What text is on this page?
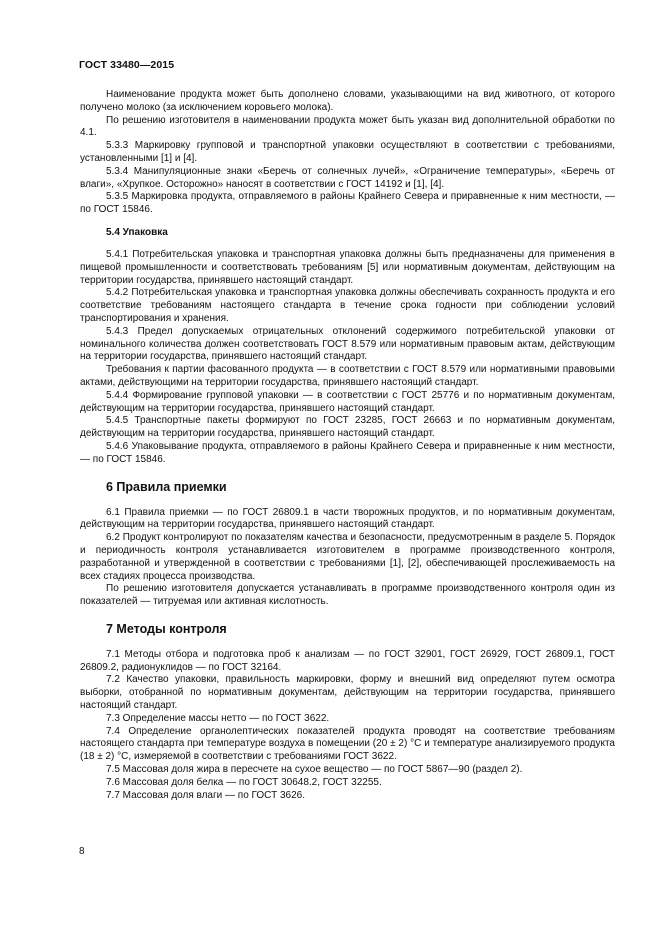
ГОСТ 33480—2015
Наименование продукта может быть дополнено словами, указывающими на вид животного, от которого получено молоко (за исключением коровьего молока).
По решению изготовителя в наименовании продукта может быть указан вид дополнительной обработки по 4.1.
5.3.3 Маркировку групповой и транспортной упаковки осуществляют в соответствии с требованиями, установленными [1] и [4].
5.3.4 Манипуляционные знаки «Беречь от солнечных лучей», «Ограничение температуры», «Беречь от влаги», «Хрупкое. Осторожно» наносят в соответствии с ГОСТ 14192 и [1], [4].
5.3.5 Маркировка продукта, отправляемого в районы Крайнего Севера и приравненные к ним местности, — по ГОСТ 15846.
5.4 Упаковка
5.4.1 Потребительская упаковка и транспортная упаковка должны быть предназначены для применения в пищевой промышленности и соответствовать требованиям [5] или нормативным документам, действующим на территории государства, принявшего настоящий стандарт.
5.4.2 Потребительская упаковка и транспортная упаковка должны обеспечивать сохранность продукта и его соответствие требованиям настоящего стандарта в течение срока годности при соблюдении условий транспортирования и хранения.
5.4.3 Предел допускаемых отрицательных отклонений содержимого потребительской упаковки от номинального количества должен соответствовать ГОСТ 8.579 или нормативным правовым актам, действующим на территории государства, принявшего настоящий стандарт.
Требования к партии фасованного продукта — в соответствии с ГОСТ 8.579 или нормативными правовыми актами, действующими на территории государства, принявшего настоящий стандарт.
5.4.4 Формирование групповой упаковки — в соответствии с ГОСТ 25776 и по нормативным документам, действующим на территории государства, принявшего настоящий стандарт.
5.4.5 Транспортные пакеты формируют по ГОСТ 23285, ГОСТ 26663 и по нормативным документам, действующим на территории государства, принявшего настоящий стандарт.
5.4.6 Упаковывание продукта, отправляемого в районы Крайнего Севера и приравненные к ним местности, — по ГОСТ 15846.
6 Правила приемки
6.1 Правила приемки — по ГОСТ 26809.1 в части творожных продуктов, и по нормативным документам, действующим на территории государства, принявшего настоящий стандарт.
6.2 Продукт контролируют по показателям качества и безопасности, предусмотренным в разделе 5. Порядок и периодичность контроля устанавливается изготовителем в программе производственного контроля, разработанной и утвержденной в соответствии с требованиями [1], [2], обеспечивающей прослеживаемость на всех стадиях процесса производства.
По решению изготовителя допускается устанавливать в программе производственного контроля один из показателей — титруемая или активная кислотность.
7 Методы контроля
7.1 Методы отбора и подготовка проб к анализам — по ГОСТ 32901, ГОСТ 26929, ГОСТ 26809.1, ГОСТ 26809.2, радионуклидов — по ГОСТ 32164.
7.2 Качество упаковки, правильность маркировки, форму и внешний вид определяют путем осмотра выборки, отобранной по нормативным документам, действующим на территории государства, принявшего настоящий стандарт.
7.3 Определение массы нетто — по ГОСТ 3622.
7.4 Определение органолептических показателей продукта проводят на соответствие требованиям настоящего стандарта при температуре воздуха в помещении (20 ± 2) °С и температуре анализируемого продукта (18 ± 2) °С, измеряемой в соответствии с требованиями ГОСТ 3622.
7.5 Массовая доля жира в пересчете на сухое вещество — по ГОСТ 5867—90 (раздел 2).
7.6 Массовая доля белка — по ГОСТ 30648.2, ГОСТ 32255.
7.7 Массовая доля влаги — по ГОСТ 3626.
8
